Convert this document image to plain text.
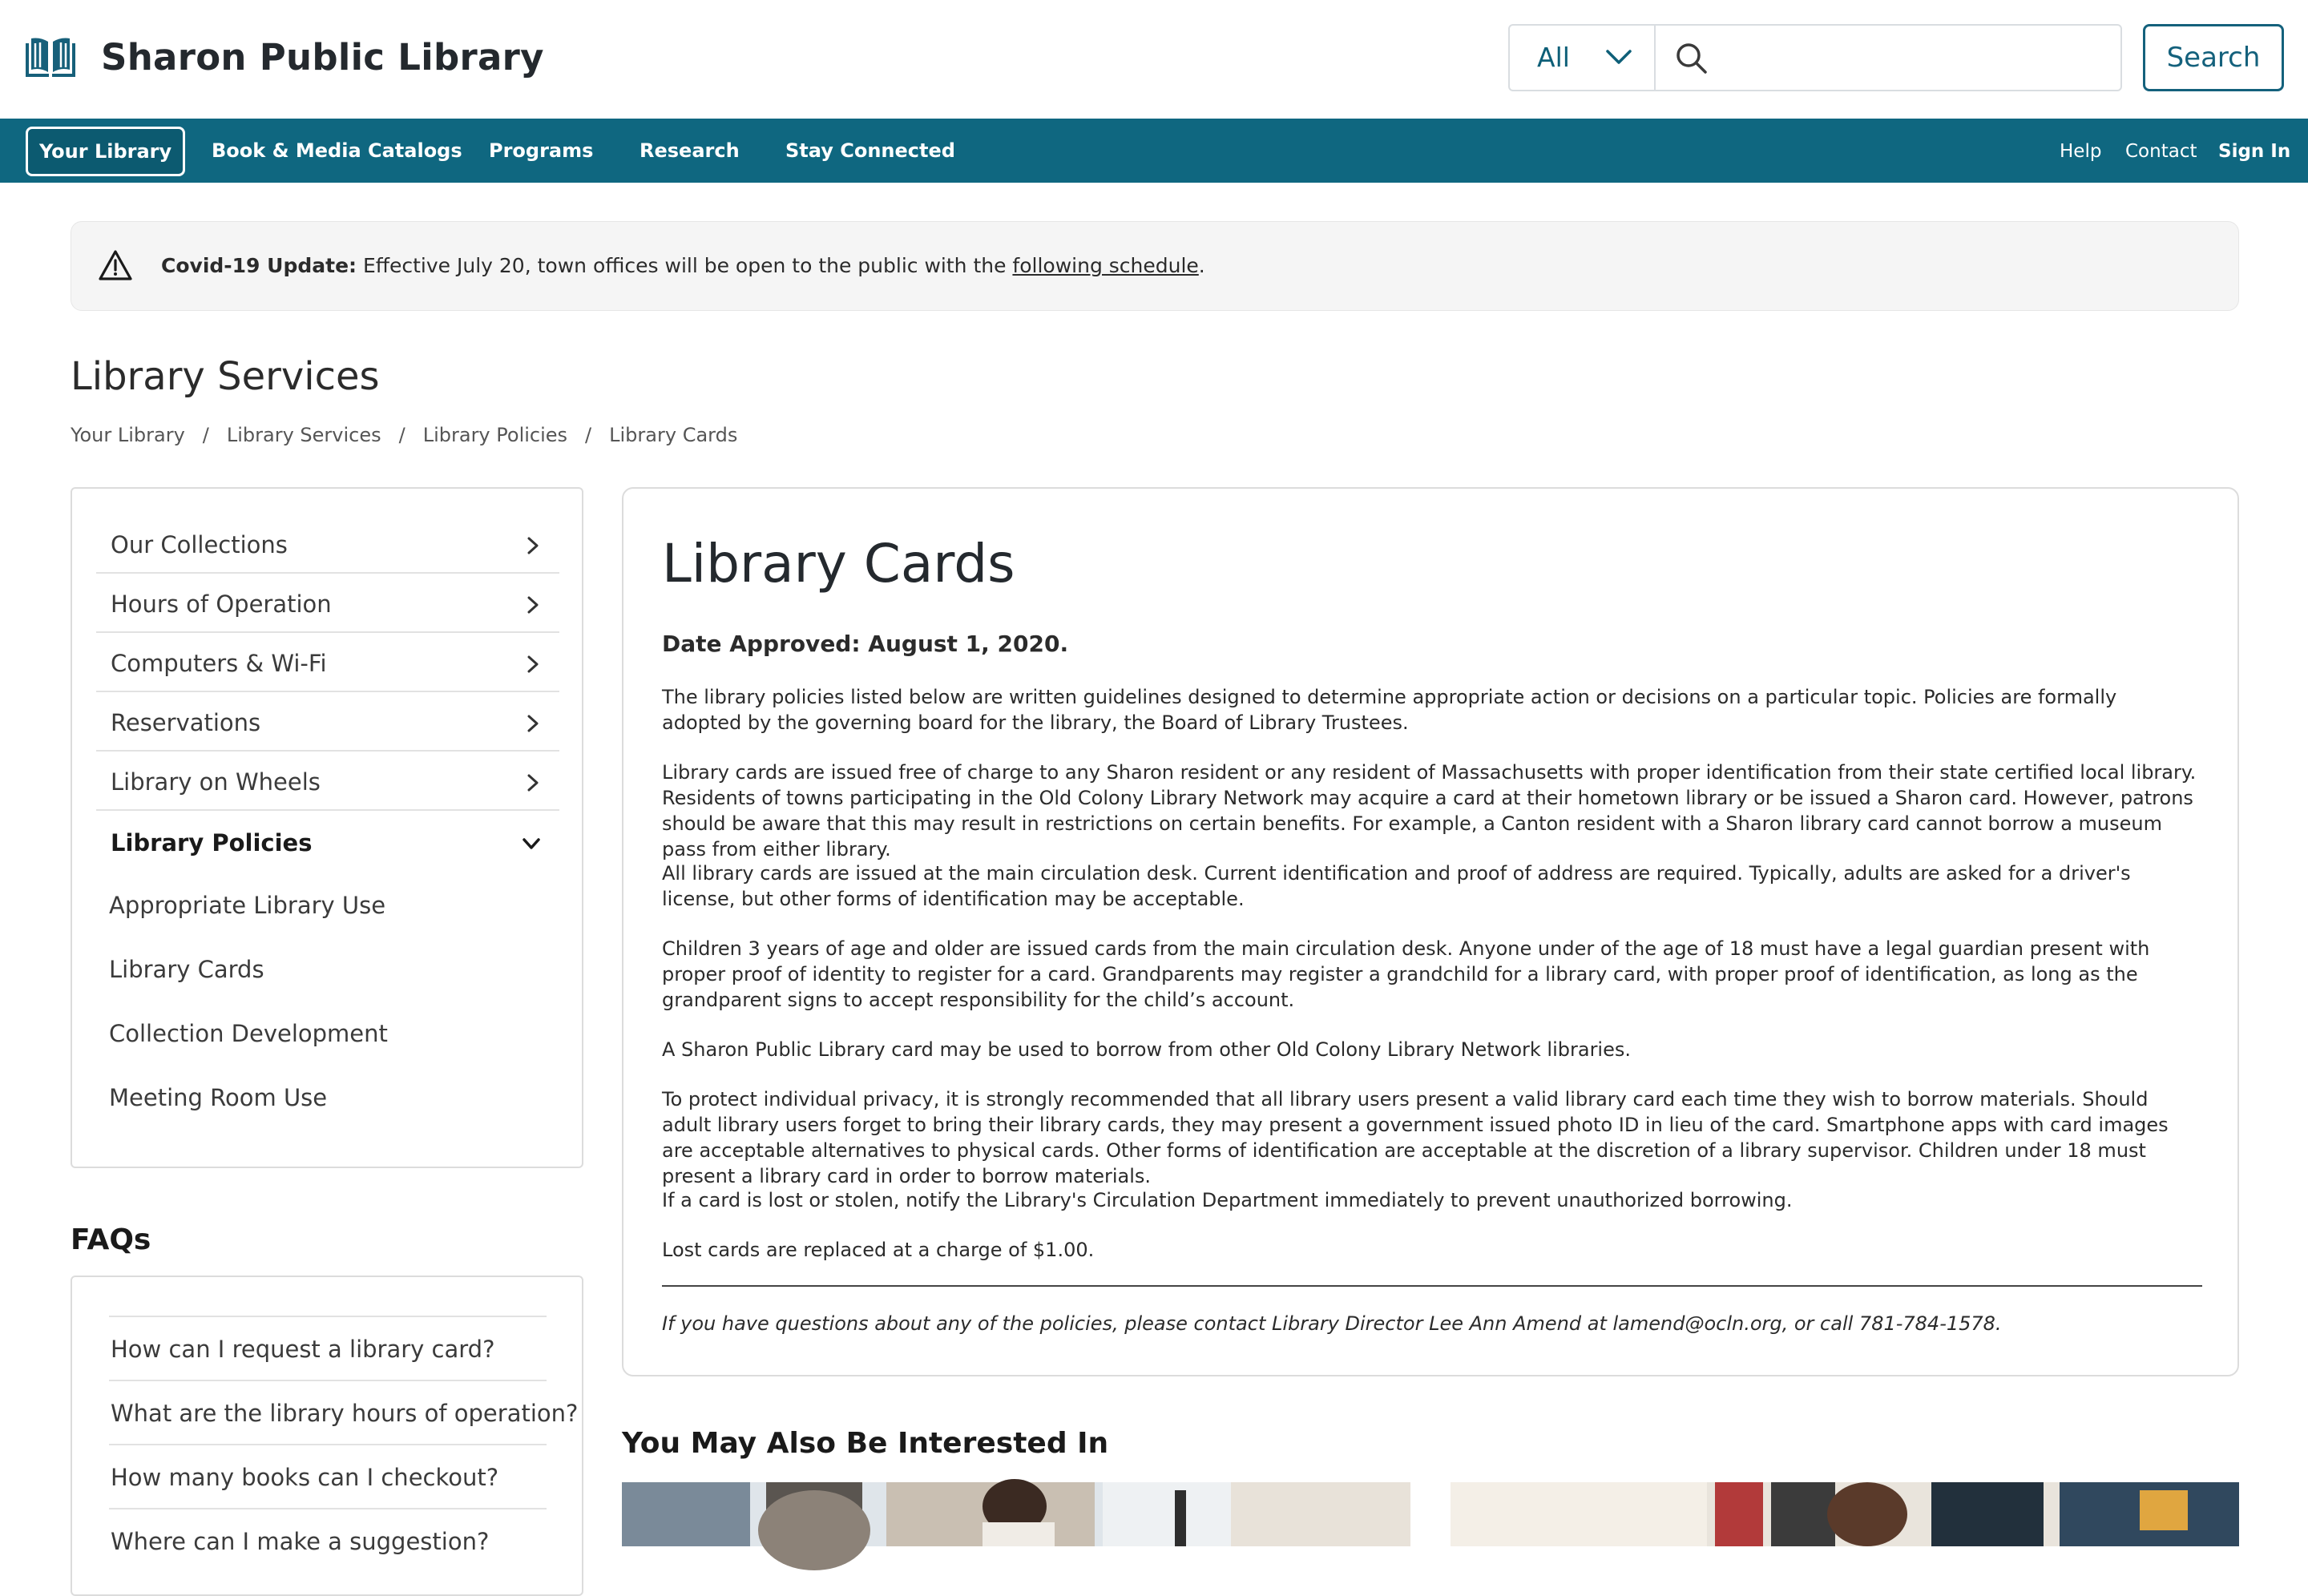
Sharon Public Library	All	Search
Your Library	Book & Media Catalogs Programs Research Stay Connected	Help Contact Sign In
Covid-19 Update: Effective July 20, town offices will be open to the public with the following schedule.
Library Services
Your Library / Library Services / Library Policies / Library Cards
Our Collections
Hours of Operation
Computers & Wi-Fi
Reservations
Library on Wheels
Library Policies
Appropriate Library Use
Library Cards
Collection Development
Meeting Room Use
FAQs
How can I request a library card?
What are the library hours of operation?
How many books can I checkout?
Where can I make a suggestion?
Library Cards
Date Approved: August 1, 2020.

The library policies listed below are written guidelines designed to determine appropriate action or decisions on a particular topic. Policies are formally adopted by the governing board for the library, the Board of Library Trustees.

Library cards are issued free of charge to any Sharon resident or any resident of Massachusetts with proper identification from their state certified local library. Residents of towns participating in the Old Colony Library Network may acquire a card at their hometown library or be issued a Sharon card. However, patrons should be aware that this may result in restrictions on certain benefits. For example, a Canton resident with a Sharon library card cannot borrow a museum pass from either library.

All library cards are issued at the main circulation desk. Current identification and proof of address are required. Typically, adults are asked for a driver's license, but other forms of identification may be acceptable.

Children 3 years of age and older are issued cards from the main circulation desk. Anyone under of the age of 18 must have a legal guardian present with proper proof of identity to register for a card. Grandparents may register a grandchild for a library card, with proper proof of identification, as long as the grandparent signs to accept responsibility for the child’s account.

A Sharon Public Library card may be used to borrow from other Old Colony Library Network libraries.

To protect individual privacy, it is strongly recommended that all library users present a valid library card each time they wish to borrow materials. Should adult library users forget to bring their library cards, they may present a government issued photo ID in lieu of the card. Smartphone apps with card images are acceptable alternatives to physical cards. Other forms of identification are acceptable at the discretion of a library supervisor. Children under 18 must present a library card in order to borrow materials.

If a card is lost or stolen, notify the Library's Circulation Department immediately to prevent unauthorized borrowing.

Lost cards are replaced at a charge of $1.00.

If you have questions about any of the policies, please contact Library Director Lee Ann Amend at lamend@ocln.org, or call 781-784-1578.

You May Also Be Interested In
